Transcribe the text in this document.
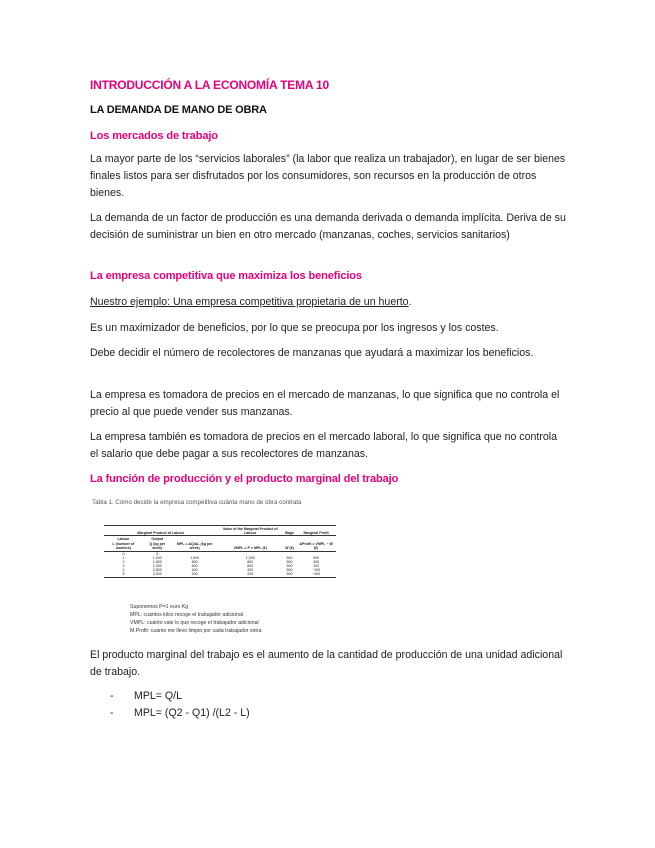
INTRODUCCIÓN A LA ECONOMÍA TEMA 10
LA DEMANDA DE MANO DE OBRA
Los mercados de trabajo
La mayor parte de los “servicios laborales” (la labor que realiza un trabajador), en lugar de ser bienes finales listos para ser disfrutados por los consumidores, son recursos en la producción de otros bienes.
La demanda de un factor de producción es una demanda derivada o demanda implícita. Deriva de su decisión de suministrar un bien en otro mercado (manzanas, coches, servicios sanitarios)
La empresa competitiva que maximiza los beneficios
Nuestro ejemplo: Una empresa competitiva propietaria de un huerto.
Es un maximizador de beneficios, por lo que se preocupa por los ingresos y los costes.
Debe decidir el número de recolectores de manzanas que ayudará a maximizar los beneficios.
La empresa es tomadora de precios en el mercado de manzanas, lo que significa que no controla el precio al que puede vender sus manzanas.
La empresa también es tomadora de precios en el mercado laboral, lo que significa que no controla el salario que debe pagar a sus recolectores de manzanas.
La función de producción y el producto marginal del trabajo
Tabla 1. Cómo decide la empresa competitiva cuánta mano de obra contrata
Marginal Product of Labour			Value of the Marginal Product of Labour	Wage	Marginal Profit
Labour	Output				
L (number of workers)	Q (kg per week)	MPL = ΔQ/ΔL (kg per week)	VMPL = P × MPL (€)	W (€)	ΔProfit = VMPL − W (€)
0	0				
1	1,000	1,000	1,000	500	500
2	1,800	800	800	500	300
3	2,400	600	600	500	100
4	2,800	400	400	500	−100
5	3,000	200	200	500	−300
Suponemos P=1 euro Kg
MPL: cuántos kilos recoge el trabajador adicional
VMPL: cuánto vale lo que recoge el trabajador adicional
M.Profit: cuánto me llevo limpio por cada trabajador extra
El producto marginal del trabajo es el aumento de la cantidad de producción de una unidad adicional de trabajo.
-	MPL= Q/L
-	MPL= (Q2 - Q1) /(L2 - L)
